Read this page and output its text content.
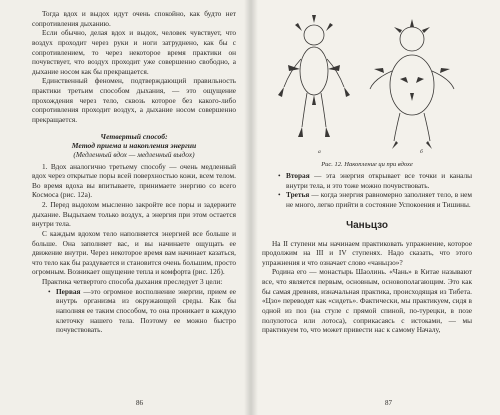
Тогда вдох и выдох идут очень спокойно, как будто нет сопротивления дыханию.

Если обычно, делая вдох и выдох, человек чувствует, что воздух проходит через руки и ноги затруднено, как бы с сопротивлением, то через некоторое время практики он почувствует, что воздух проходит уже совершенно свободно, а дыхание носом как бы прекращается.

Единственный феномен, подтверждающий правильность практики третьим способом дыхания, — это ощущение прохождения через тело, сквозь которое без какого-либо сопротивления проходит воздух, а дыхание носом совершенно прекращается.

Четвертый способ:

Метод приема и накопления энергии

(Медленный вдох — медленный выдох)

1. Вдох аналогично третьему способу — очень медленный вдох через открытые поры всей поверхностью кожи, всем телом. Во время вдоха вы впитываете, принимаете энергию со всего Космоса (рис. 12a).

2. Перед выдохом мысленно закройте все поры и задержите дыхание. Выдыхаем только воздух, а энергия при этом остается внутри тела.

С каждым вдохом тело наполняется энергией все больше и больше. Она заполняет вас, и вы начинаете ощущать ее движение внутри. Через некоторое время вам начинает казаться, что тело как бы раздувается и становится очень большим, просто огромным. Возникает ощущение тепла и комфорта (рис. 12б).

Практика четвертого способа дыхания преследует 3 цели:

• Первая —это огромное восполнение энергии, прием ее внутрь организма из окружающей среды. Как бы наполняя ее таким способом, то она проникает в каждую клеточку нашего тела. Поэтому ее можно быстро почувствовать.

86
a	б

Рис. 12. Накопление ци при вдохе

• Вторая — эта энергия открывает все точки и каналы внутри тела, и это тоже можно почувствовать.

• Третья — когда энергия равномерно заполняет тело, в нем не много, легко прийти в состояние Успокоения и Тишины.

Чаньцзо

На II ступени мы начинаем практиковать упражнение, которое продолжим на III и IV ступенях. Надо сказать, что этого упражнения и что означает слово «чаньцзо»?

Родина его — монастырь Шаолинь. «Чань» в Китае называют все, что является первым, основным, основополагающим. Это как бы самая древняя, изначальная практика, происходящая из Тибета. «Цзо» переводят как «сидеть». Фактически, мы практикуем, сидя в одной из поз (на стуле с прямой спиной, по-турецки, в позе полулотоса или лотоса), соприкасаясь с истоками, — мы практикуем то, что может привести нас к самому Началу,

87
